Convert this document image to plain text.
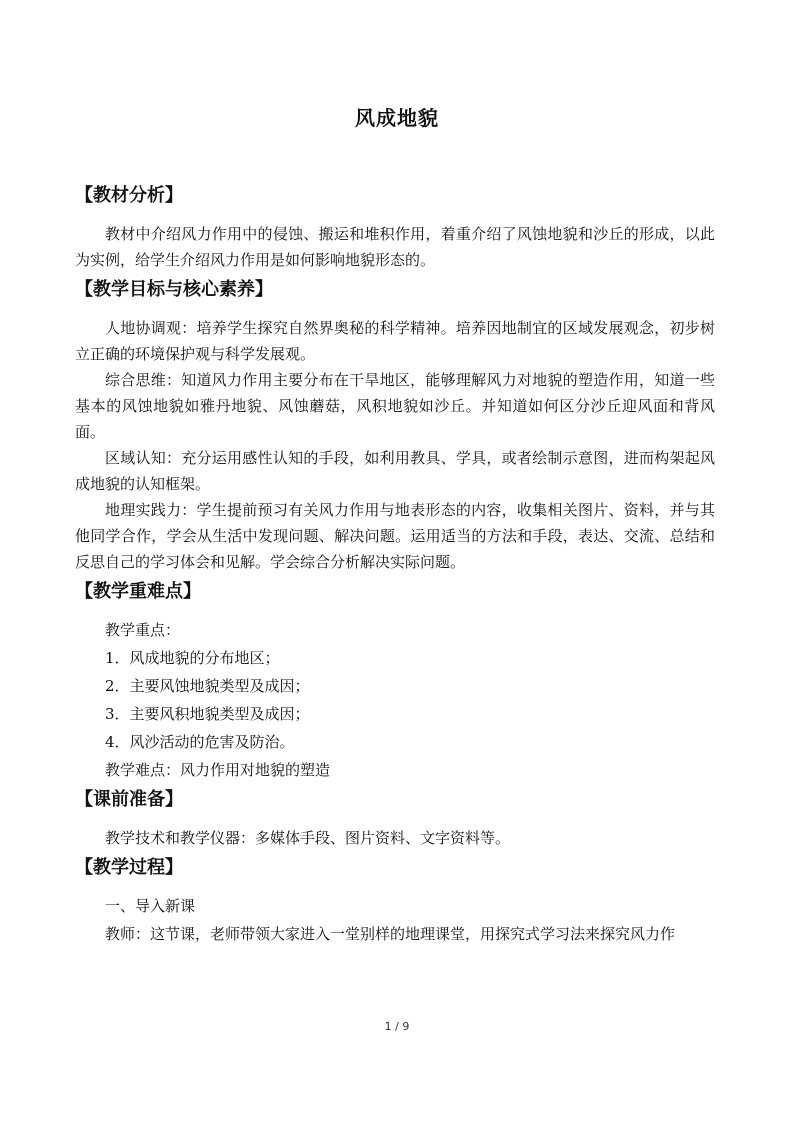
风成地貌
【教材分析】

教材中介绍风力作用中的侵蚀、搬运和堆积作用，着重介绍了风蚀地貌和沙丘的形成，以此为实例，给学生介绍风力作用是如何影响地貌形态的。

【教学目标与核心素养】

人地协调观：培养学生探究自然界奥秘的科学精神。培养因地制宜的区域发展观念，初步树立正确的环境保护观与科学发展观。

综合思维：知道风力作用主要分布在干旱地区，能够理解风力对地貌的塑造作用，知道一些基本的风蚀地貌如雅丹地貌、风蚀蘑菇，风积地貌如沙丘。并知道如何区分沙丘迎风面和背风面。

区域认知：充分运用感性认知的手段，如利用教具、学具，或者绘制示意图，进而构架起风成地貌的认知框架。

地理实践力：学生提前预习有关风力作用与地表形态的内容，收集相关图片、资料，并与其他同学合作，学会从生活中发现问题、解决问题。运用适当的方法和手段，表达、交流、总结和反思自己的学习体会和见解。学会综合分析解决实际问题。

【教学重难点】

教学重点：

1．风成地貌的分布地区；

2．主要风蚀地貌类型及成因；

3．主要风积地貌类型及成因；

4．风沙活动的危害及防治。

教学难点：风力作用对地貌的塑造

【课前准备】

教学技术和教学仪器：多媒体手段、图片资料、文字资料等。

【教学过程】

一、导入新课

教师：这节课，老师带领大家进入一堂别样的地理课堂，用探究式学习法来探究风力作

1 / 9
